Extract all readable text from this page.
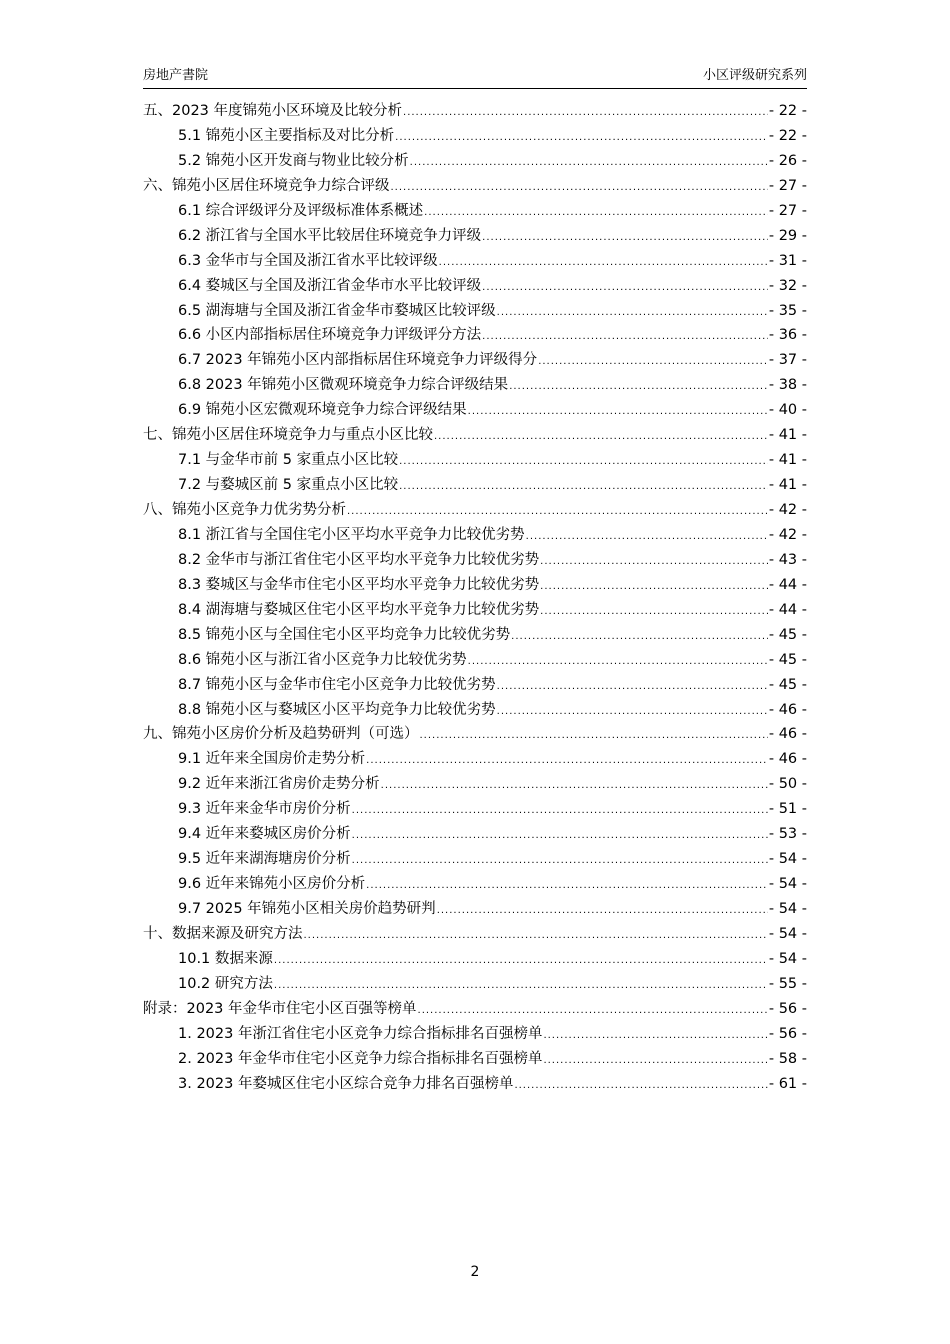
房地产書院	小区评级研究系列
五、2023 年度锦苑小区环境及比较分析 .....	- 22 -
5.1 锦苑小区主要指标及对比分析 .....	- 22 -
5.2 锦苑小区开发商与物业比较分析 .....	- 26 -
六、锦苑小区居住环境竞争力综合评级 .....	- 27 -
6.1 综合评级评分及评级标准体系概述 .....	- 27 -
6.2 浙江省与全国水平比较居住环境竞争力评级 .....	- 29 -
6.3 金华市与全国及浙江省水平比较评级 .....	- 31 -
6.4 婺城区与全国及浙江省金华市水平比较评级 .....	- 32 -
6.5 湖海塘与全国及浙江省金华市婺城区比较评级 .....	- 35 -
6.6 小区内部指标居住环境竞争力评级评分方法 .....	- 36 -
6.7 2023 年锦苑小区内部指标居住环境竞争力评级得分 .....	- 37 -
6.8 2023 年锦苑小区微观环境竞争力综合评级结果 .....	- 38 -
6.9 锦苑小区宏微观环境竞争力综合评级结果 .....	- 40 -
七、锦苑小区居住环境竞争力与重点小区比较 .....	- 41 -
7.1 与金华市前 5 家重点小区比较 .....	- 41 -
7.2 与婺城区前 5 家重点小区比较 .....	- 41 -
八、锦苑小区竞争力优劣势分析 .....	- 42 -
8.1 浙江省与全国住宅小区平均水平竞争力比较优劣势 .....	- 42 -
8.2 金华市与浙江省住宅小区平均水平竞争力比较优劣势 .....	- 43 -
8.3 婺城区与金华市住宅小区平均水平竞争力比较优劣势 .....	- 44 -
8.4 湖海塘与婺城区住宅小区平均水平竞争力比较优劣势 .....	- 44 -
8.5 锦苑小区与全国住宅小区平均竞争力比较优劣势 .....	- 45 -
8.6 锦苑小区与浙江省小区竞争力比较优劣势 .....	- 45 -
8.7 锦苑小区与金华市住宅小区竞争力比较优劣势 .....	- 45 -
8.8 锦苑小区与婺城区小区平均竞争力比较优劣势 .....	- 46 -
九、锦苑小区房价分析及趋势研判（可选） .....	- 46 -
9.1 近年来全国房价走势分析 .....	- 46 -
9.2 近年来浙江省房价走势分析 .....	- 50 -
9.3 近年来金华市房价分析 .....	- 51 -
9.4 近年来婺城区房价分析 .....	- 53 -
9.5 近年来湖海塘房价分析 .....	- 54 -
9.6 近年来锦苑小区房价分析 .....	- 54 -
9.7 2025 年锦苑小区相关房价趋势研判 .....	- 54 -
十、数据来源及研究方法 .....	- 54 -
10.1 数据来源 .....	- 54 -
10.2 研究方法 .....	- 55 -
附录：2023 年金华市住宅小区百强等榜单 .....	- 56 -
1. 2023 年浙江省住宅小区竞争力综合指标排名百强榜单 .....	- 56 -
2. 2023 年金华市住宅小区竞争力综合指标排名百强榜单 .....	- 58 -
3. 2023 年婺城区住宅小区综合竞争力排名百强榜单 .....	- 61 -
2
